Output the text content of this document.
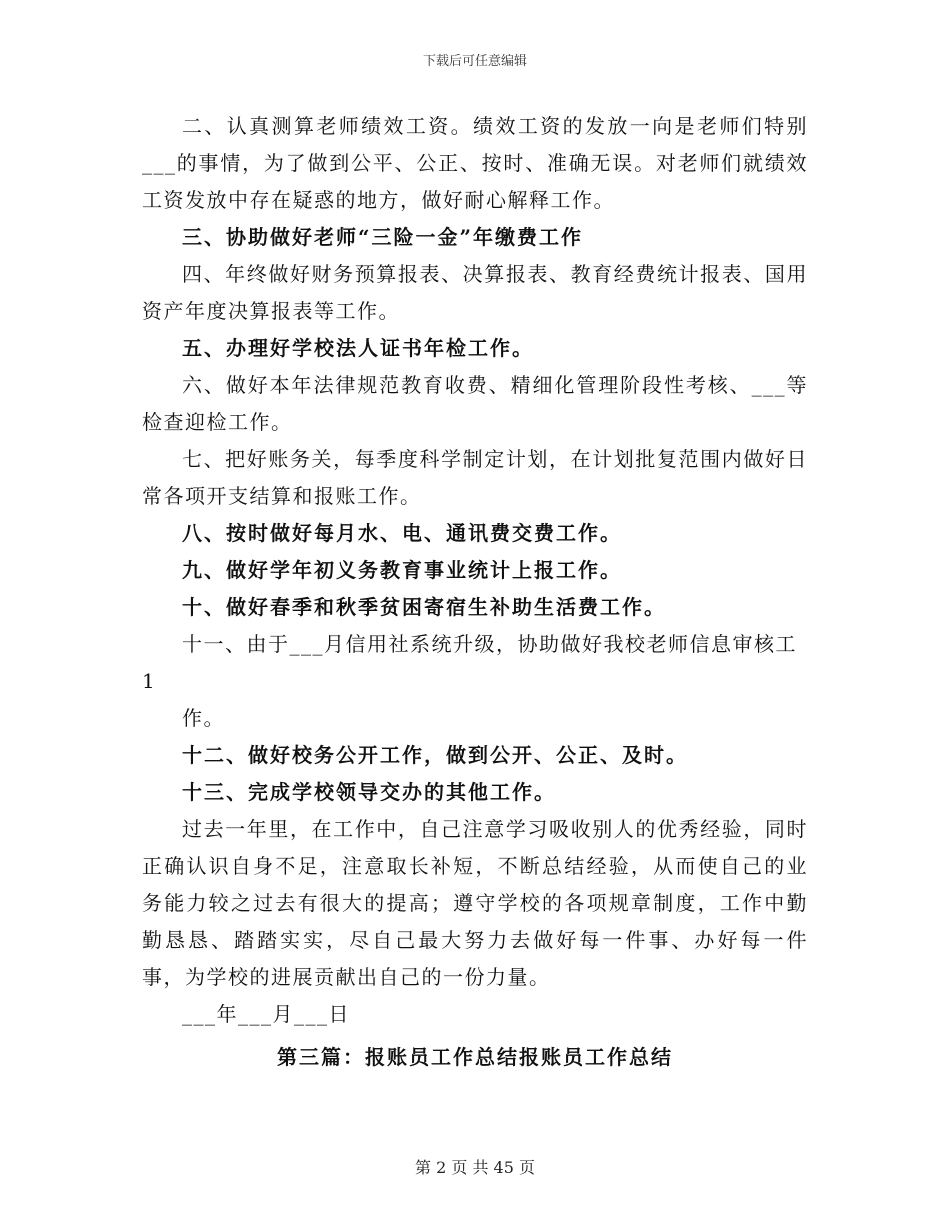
下载后可任意编辑

二、认真测算老师绩效工资。绩效工资的发放一向是老师们特别___的事情，为了做到公平、公正、按时、准确无误。对老师们就绩效工资发放中存在疑惑的地方，做好耐心解释工作。

三、协助做好老师“三险一金”年缴费工作

四、年终做好财务预算报表、决算报表、教育经费统计报表、国用资产年度决算报表等工作。

五、办理好学校法人证书年检工作。

六、做好本年法律规范教育收费、精细化管理阶段性考核、___等检查迎检工作。

七、把好账务关，每季度科学制定计划，在计划批复范围内做好日常各项开支结算和报账工作。

八、按时做好每月水、电、通讯费交费工作。

九、做好学年初义务教育事业统计上报工作。

十、做好春季和秋季贫困寄宿生补助生活费工作。

十一、由于___月信用社系统升级，协助做好我校老师信息审核工

1

作。

十二、做好校务公开工作，做到公开、公正、及时。

十三、完成学校领导交办的其他工作。

过去一年里，在工作中，自己注意学习吸收别人的优秀经验，同时正确认识自身不足，注意取长补短，不断总结经验，从而使自己的业务能力较之过去有很大的提高；遵守学校的各项规章制度，工作中勤勤恳恳、踏踏实实，尽自己最大努力去做好每一件事、办好每一件事，为学校的进展贡献出自己的一份力量。

___年___月___日

第三篇：报账员工作总结报账员工作总结

第 2 页 共 45 页
